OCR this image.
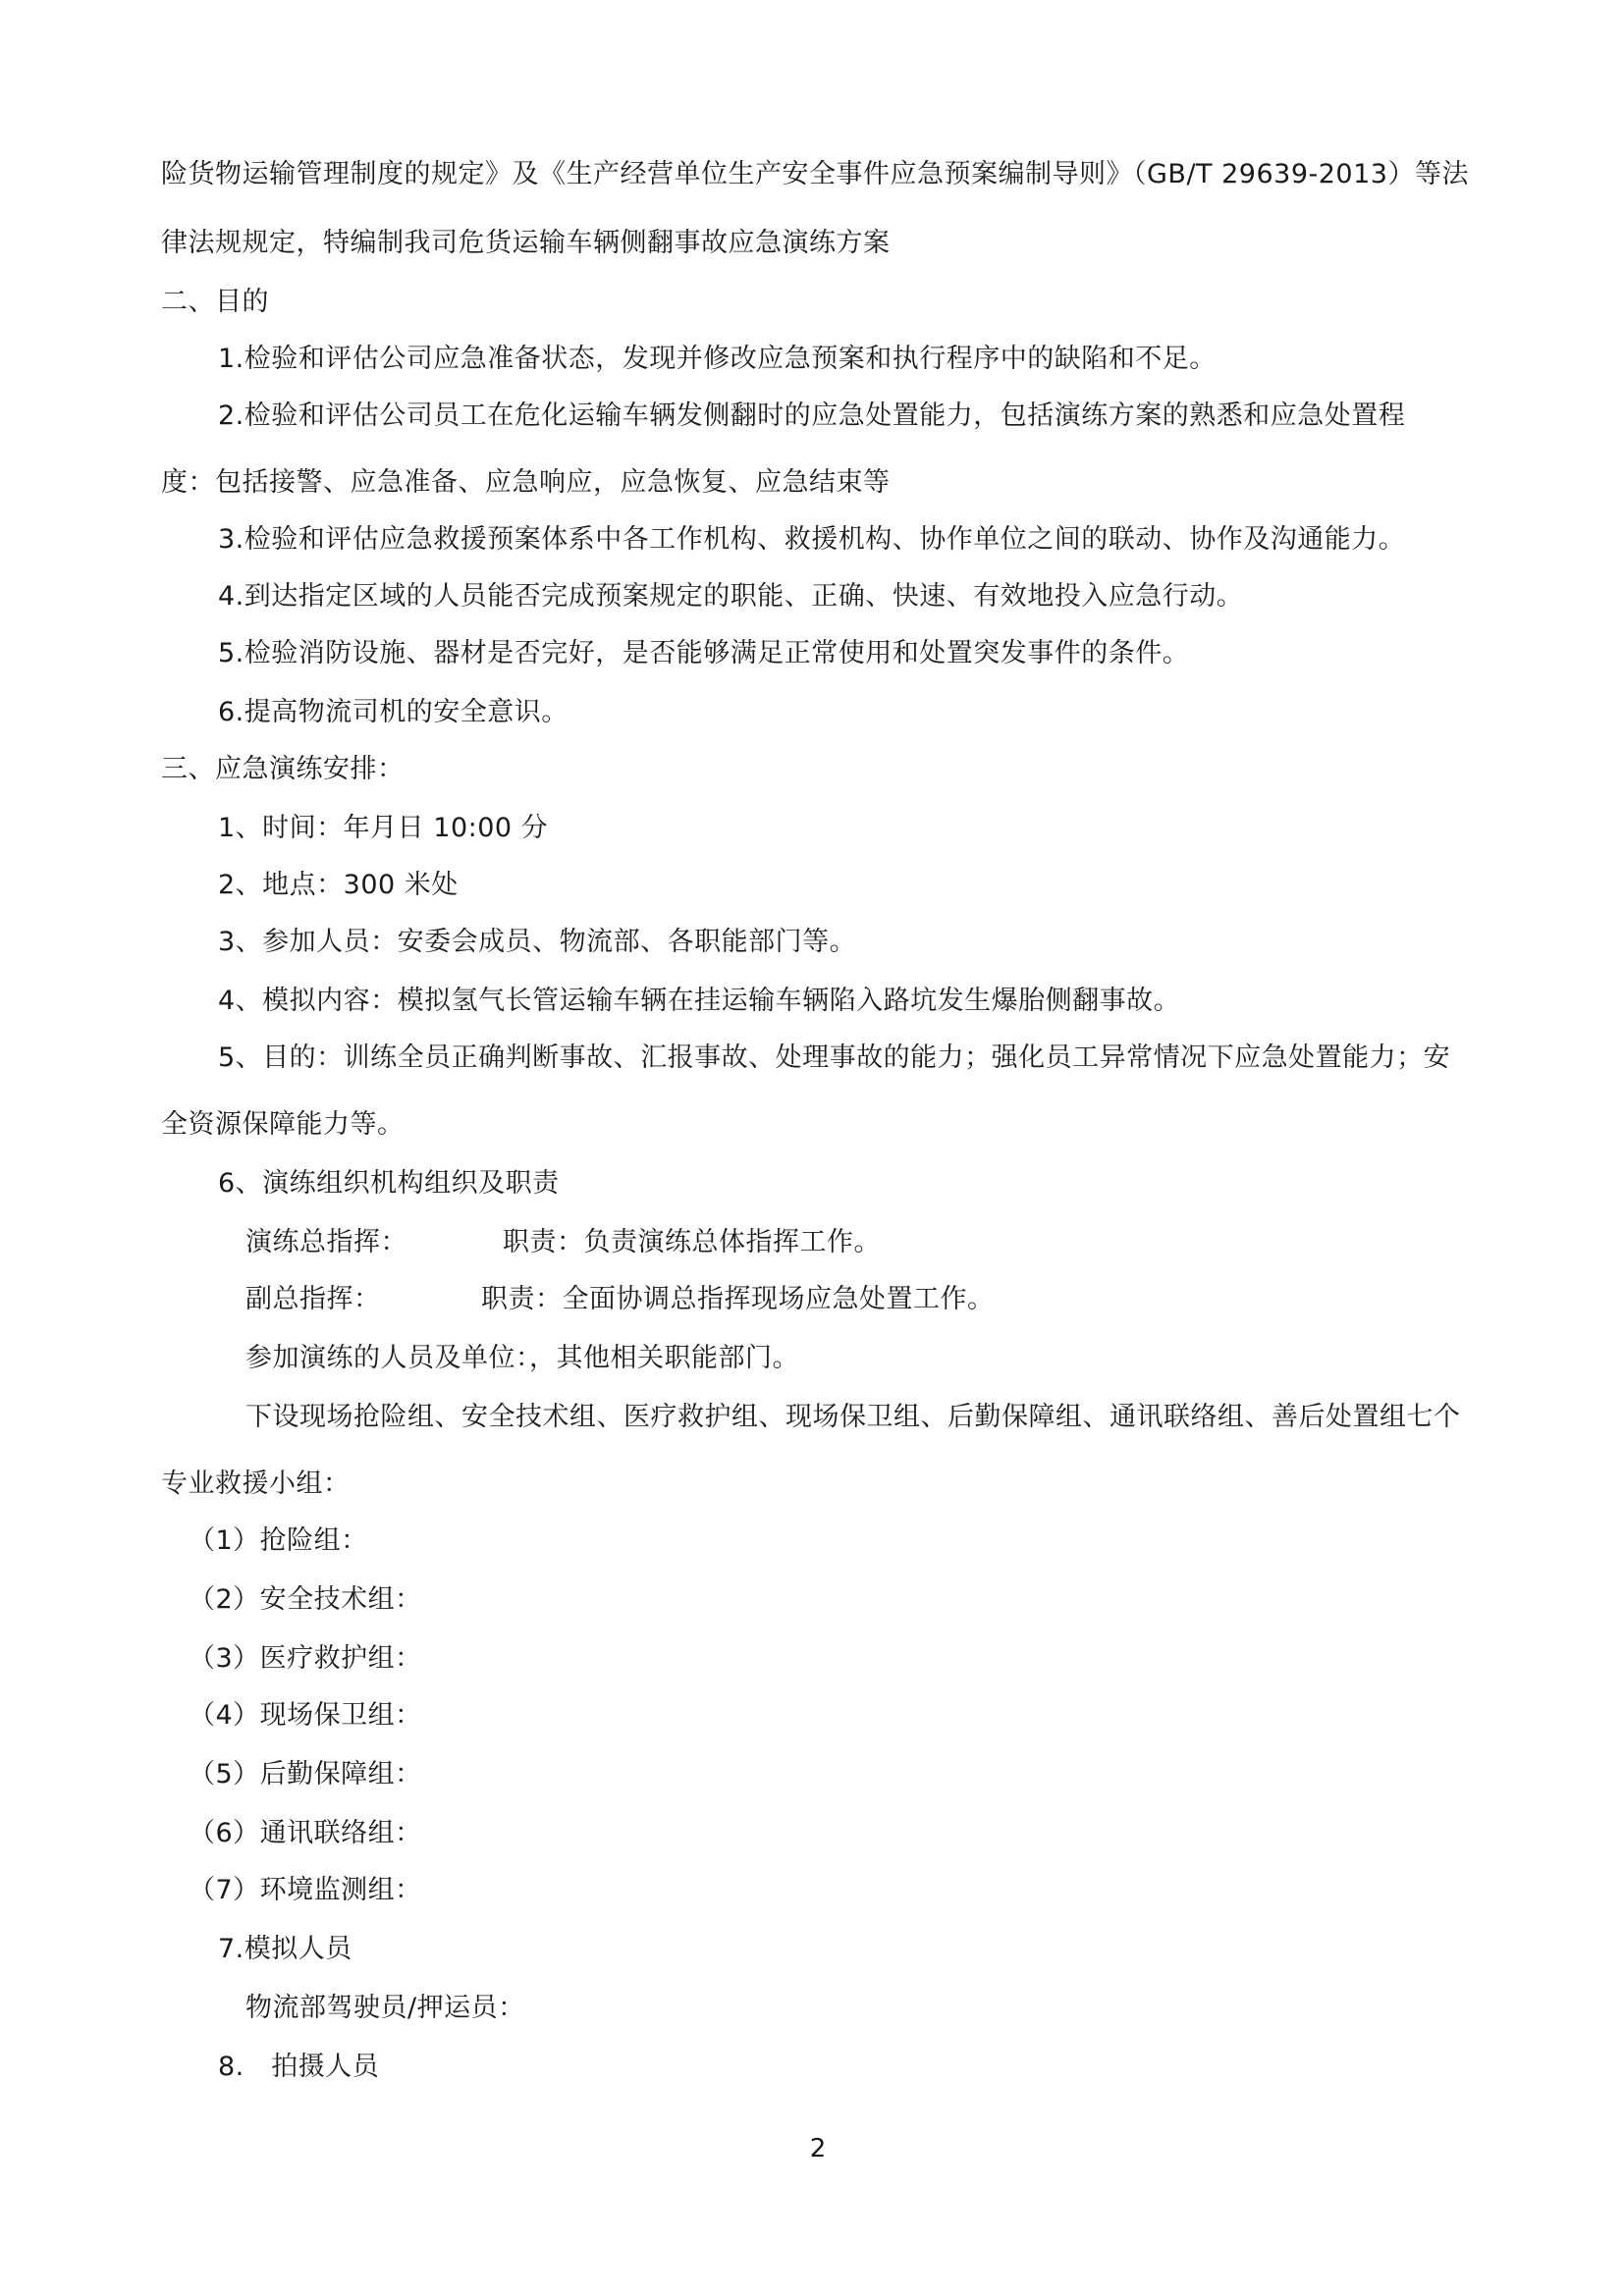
险货物运输管理制度的规定》及《生产经营单位生产安全事件应急预案编制导则》（GB/T 29639-2013）等法
律法规规定，特编制我司危货运输车辆侧翻事故应急演练方案
二、目的
1.检验和评估公司应急准备状态，发现并修改应急预案和执行程序中的缺陷和不足。
2.检验和评估公司员工在危化运输车辆发侧翻时的应急处置能力，包括演练方案的熟悉和应急处置程
度：包括接警、应急准备、应急响应，应急恢复、应急结束等
3.检验和评估应急救援预案体系中各工作机构、救援机构、协作单位之间的联动、协作及沟通能力。
4.到达指定区域的人员能否完成预案规定的职能、正确、快速、有效地投入应急行动。
5.检验消防设施、器材是否完好，是否能够满足正常使用和处置突发事件的条件。
6.提高物流司机的安全意识。
三、应急演练安排：
1、时间：年月日 10:00 分
2、地点：300 米处
3、参加人员：安委会成员、物流部、各职能部门等。
4、模拟内容：模拟氢气长管运输车辆在挂运输车辆陷入路坑发生爆胎侧翻事故。
5、目的：训练全员正确判断事故、汇报事故、处理事故的能力；强化员工异常情况下应急处置能力；安
全资源保障能力等。
6、演练组织机构组织及职责
演练总指挥：	职责：负责演练总体指挥工作。
副总指挥：	职责：全面协调总指挥现场应急处置工作。
参加演练的人员及单位：，其他相关职能部门。
下设现场抢险组、安全技术组、医疗救护组、现场保卫组、后勤保障组、通讯联络组、善后处置组七个
专业救援小组：
（1）抢险组：
（2）安全技术组：
（3）医疗救护组：
（4）现场保卫组：
（5）后勤保障组：
（6）通讯联络组：
（7）环境监测组：
7.模拟人员
物流部驾驶员/押运员：
8.　拍摄人员
2
